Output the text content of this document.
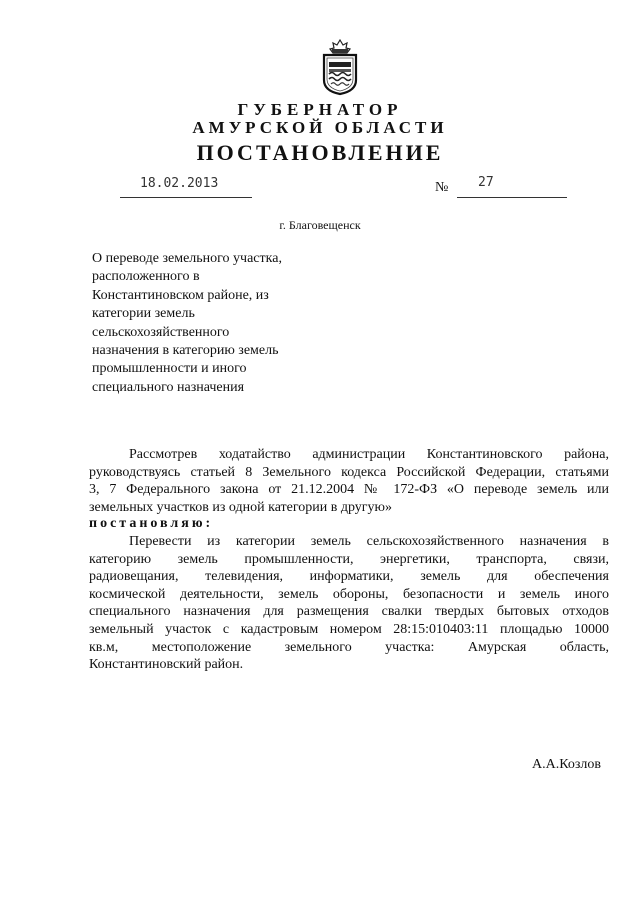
ГУБЕРНАТОР
АМУРСКОЙ ОБЛАСТИ
ПОСТАНОВЛЕНИЕ
18.02.2013	№ 27
г. Благовещенск
О переводе земельного участка,
расположенного в
Константиновском районе, из
категории земель
сельскохозяйственного
назначения в категорию земель
промышленности и иного
специального назначения
Рассмотрев ходатайство администрации Константиновского района,
руководствуясь статьей 8 Земельного кодекса Российской Федерации, статьями
3, 7 Федерального закона от 21.12.2004 № 172-ФЗ «О переводе земель или
земельных участков из одной категории в другую»
постановляю:
Перевести из категории земель сельскохозяйственного назначения в
категорию земель промышленности, энергетики, транспорта, связи,
радиовещания, телевидения, информатики, земель для обеспечения
космической деятельности, земель обороны, безопасности и земель иного
специального назначения для размещения свалки твердых бытовых отходов
земельный участок с кадастровым номером 28:15:010403:11 площадью 10000
кв.м, местоположение земельного участка: Амурская область,
Константиновский район.
А.А.Козлов
